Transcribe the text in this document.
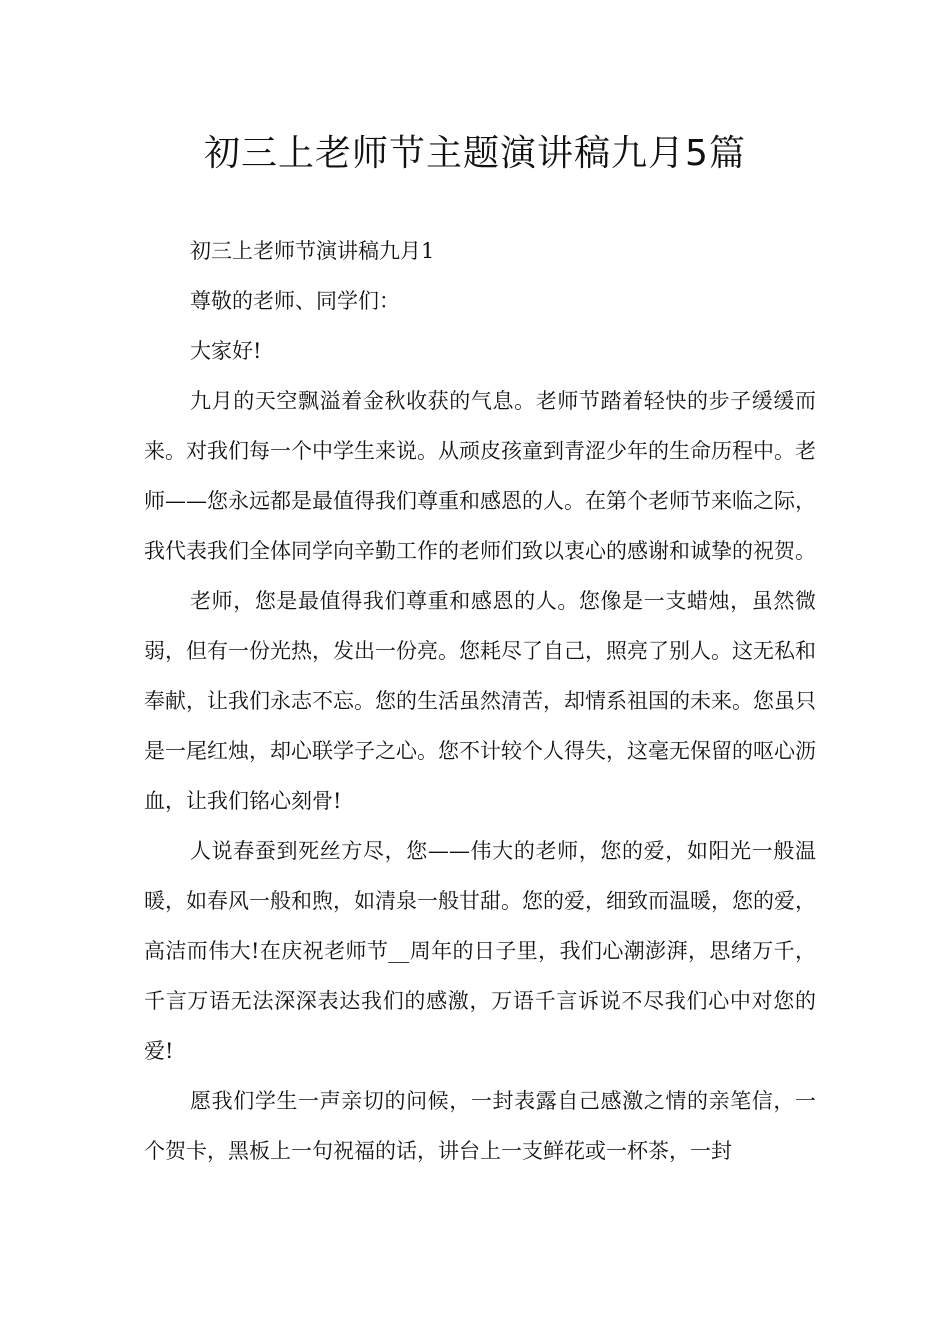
初三上老师节主题演讲稿九月5篇

初三上老师节演讲稿九月1

尊敬的老师、同学们：

大家好!

九月的天空飘溢着金秋收获的气息。老师节踏着轻快的步子缓缓而来。对我们每一个中学生来说。从顽皮孩童到青涩少年的生命历程中。老师——您永远都是最值得我们尊重和感恩的人。在第个老师节来临之际，我代表我们全体同学向辛勤工作的老师们致以衷心的感谢和诚挚的祝贺。

老师，您是最值得我们尊重和感恩的人。您像是一支蜡烛，虽然微弱，但有一份光热，发出一份亮。您耗尽了自己，照亮了别人。这无私和奉献，让我们永志不忘。您的生活虽然清苦，却情系祖国的未来。您虽只是一尾红烛，却心联学子之心。您不计较个人得失，这毫无保留的呕心沥血，让我们铭心刻骨!

人说春蚕到死丝方尽，您——伟大的老师，您的爱，如阳光一般温暖，如春风一般和煦，如清泉一般甘甜。您的爱，细致而温暖，您的爱，高洁而伟大!在庆祝老师节__周年的日子里，我们心潮澎湃，思绪万千，千言万语无法深深表达我们的感激，万语千言诉说不尽我们心中对您的爱!

愿我们学生一声亲切的问候，一封表露自己感激之情的亲笔信，一个贺卡，黑板上一句祝福的话，讲台上一支鲜花或一杯茶，一封
